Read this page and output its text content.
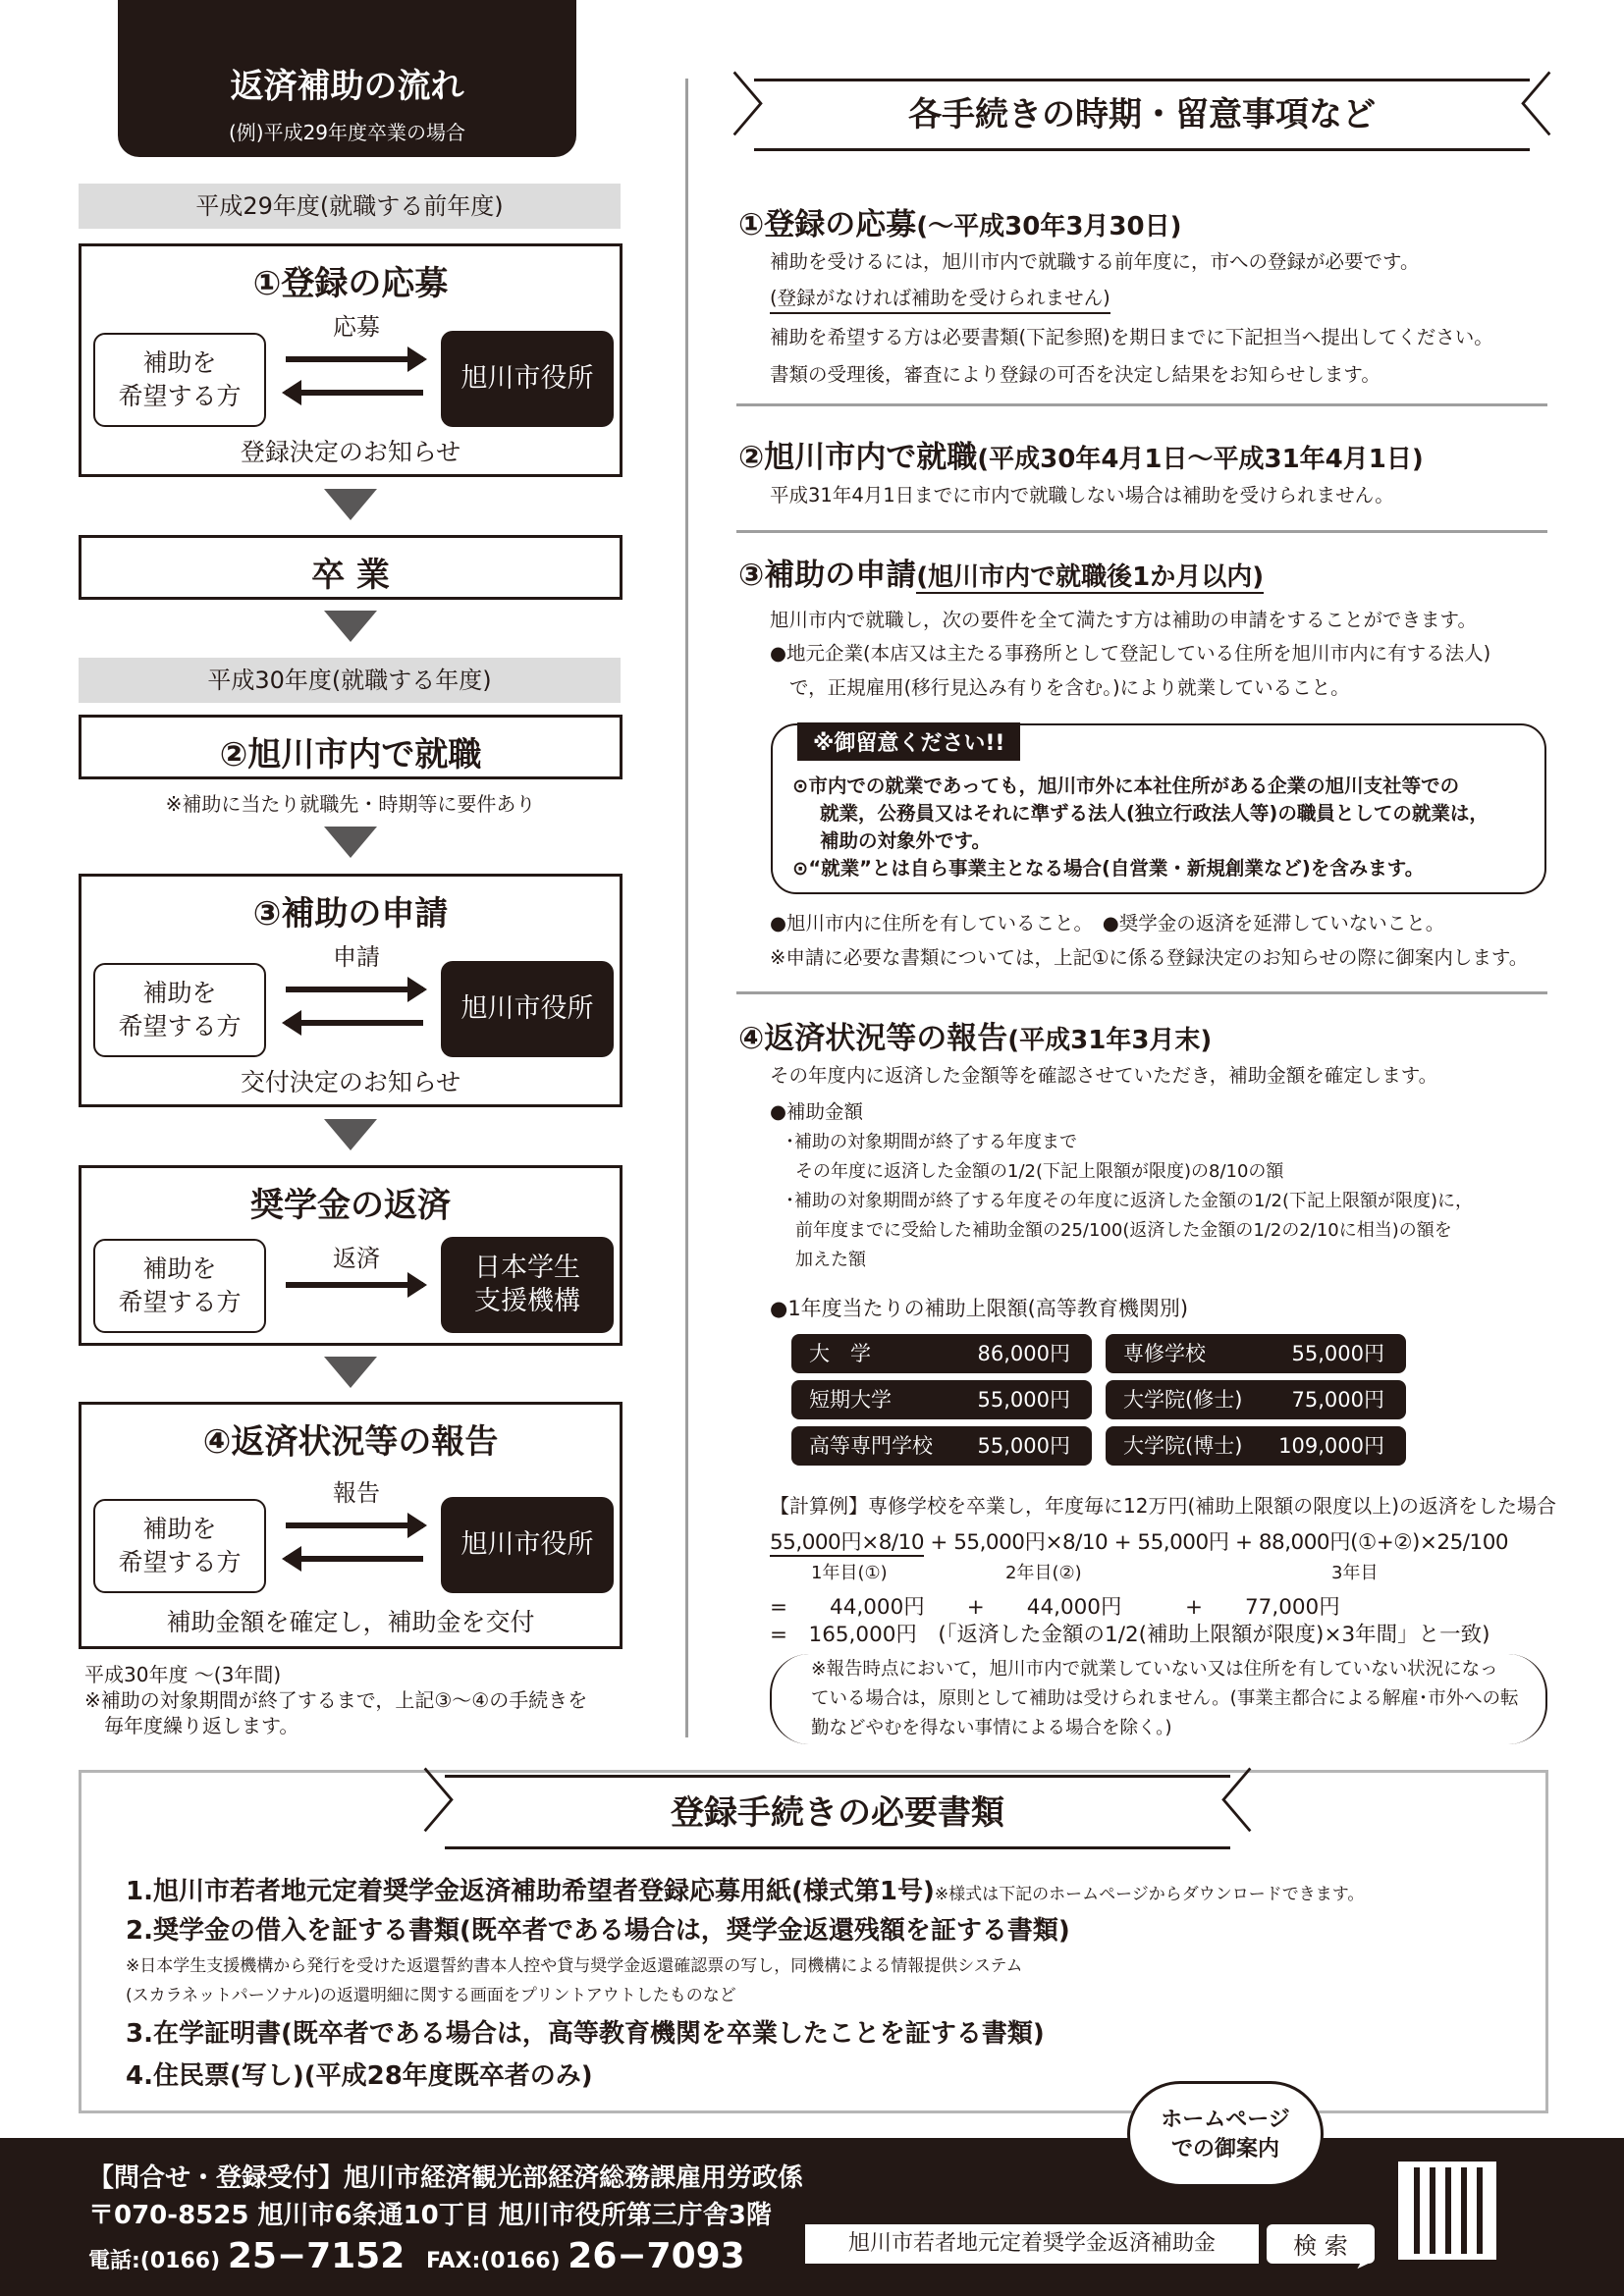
返済補助の流れ
(例)平成29年度卒業の場合
平成29年度(就職する前年度)
①登録の応募
応募
補助を
希望する方
旭川市役所
登録決定のお知らせ
卒 業
平成30年度(就職する年度)
②旭川市内で就職
※補助に当たり就職先・時期等に要件あり
③補助の申請
申請
補助を
希望する方
旭川市役所
交付決定のお知らせ
奨学金の返済
返済
補助を
希望する方
日本学生
支援機構
④返済状況等の報告
報告
補助を
希望する方
旭川市役所
補助金額を確定し，補助金を交付
平成30年度 〜(3年間)
※補助の対象期間が終了するまで，上記③〜④の手続きを
毎年度繰り返します。
〉	各手続きの時期・留意事項など 〈
①登録の応募(〜平成30年3月30日)
補助を受けるには，旭川市内で就職する前年度に，市への登録が必要です。
(登録がなければ補助を受けられません)
補助を希望する方は必要書類(下記参照)を期日までに下記担当へ提出してください。
書類の受理後，審査により登録の可否を決定し結果をお知らせします。
②旭川市内で就職(平成30年4月1日〜平成31年4月1日)
平成31年4月1日までに市内で就職しない場合は補助を受けられません。
③補助の申請(旭川市内で就職後1か月以内)
旭川市内で就職し，次の要件を全て満たす方は補助の申請をすることができます。
●地元企業(本店又は主たる事務所として登記している住所を旭川市内に有する法人)
で，正規雇用(移行見込み有りを含む。)により就業していること。
※御留意ください!!
⊙市内での就業であっても，旭川市外に本社住所がある企業の旭川支社等での
就業，公務員又はそれに準ずる法人(独立行政法人等)の職員としての就業は，
補助の対象外です。
⊙“就業”とは自ら事業主となる場合(自営業・新規創業など)を含みます。
●旭川市内に住所を有していること。　●奨学金の返済を延滞していないこと。
※申請に必要な書類については，上記①に係る登録決定のお知らせの際に御案内します。
④返済状況等の報告(平成31年3月末)
その年度内に返済した金額等を確認させていただき，補助金額を確定します。
●補助金額
･補助の対象期間が終了する年度まで
その年度に返済した金額の1/2(下記上限額が限度)の8/10の額
･補助の対象期間が終了する年度その年度に返済した金額の1/2(下記上限額が限度)に，
前年度までに受給した補助金額の25/100(返済した金額の1/2の2/10に相当)の額を
加えた額
●1年度当たりの補助上限額(高等教育機関別)
大　学	86,000円	専修学校	55,000円
短期大学	55,000円	大学院(修士) 75,000円
高等専門学校 55,000円	大学院(博士) 109,000円
【計算例】専修学校を卒業し，年度毎に12万円(補助上限額の限度以上)の返済をした場合
55,000円×8/10 + 55,000円×8/10 + 55,000円 + 88,000円(①+②)×25/100
1年目(①)	2年目(②)	3年目
=　　44,000円　　+　　44,000円　　　+　　77,000円
=　165,000円　(「返済した金額の1/2(補助上限額が限度)×3年間」と一致)
※報告時点において，旭川市内で就業していない又は住所を有していない状況になっ
ている場合は，原則として補助は受けられません。(事業主都合による解雇･市外への転
勤などやむを得ない事情による場合を除く。)
〉	登録手続きの必要書類	〈
1.旭川市若者地元定着奨学金返済補助希望者登録応募用紙(様式第1号)※様式は下記のホームページからダウンロードできます。
2.奨学金の借入を証する書類(既卒者である場合は，奨学金返還残額を証する書類)
※日本学生支援機構から発行を受けた返還誓約書本人控や貸与奨学金返還確認票の写し，同機構による情報提供システム
(スカラネットパーソナル)の返還明細に関する画面をプリントアウトしたものなど
3.在学証明書(既卒者である場合は，高等教育機関を卒業したことを証する書類)
4.住民票(写し)(平成28年度既卒者のみ)
【問合せ・登録受付】旭川市経済観光部経済総務課雇用労政係
〒070-8525 旭川市6条通10丁目 旭川市役所第三庁舎3階
電話:(0166) 25−7152 FAX:(0166) 26−7093	旭川市若者地元定着奨学金返済補助金	検 索
➤
ホームページ
での御案内
